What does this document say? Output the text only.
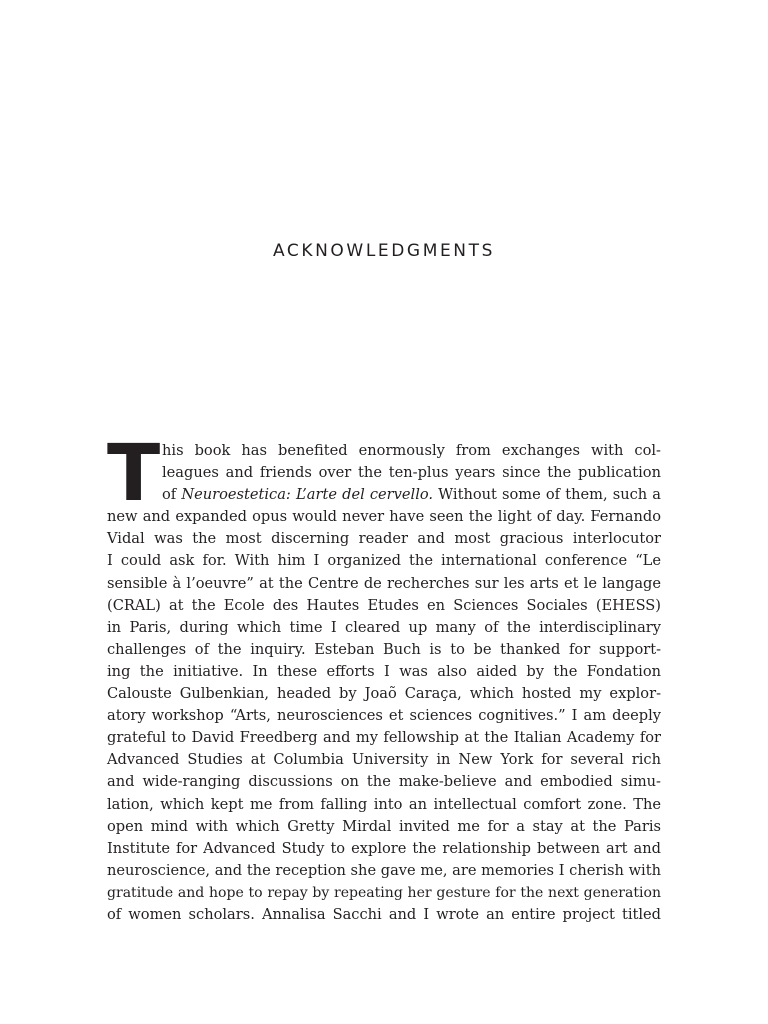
ACKNOWLEDGMENTS
T his book has benefited enormously from exchanges with col-
leagues and friends over the ten-plus years since the publication
of Neuroestetica: L’arte del cervello. Without some of them, such a
new and expanded opus would never have seen the light of day. Fernando
Vidal was the most discerning reader and most gracious interlocutor
I could ask for. With him I organized the international conference “Le
sensible à l’oeuvre” at the Centre de recherches sur les arts et le langage
(CRAL) at the Ecole des Hautes Etudes en Sciences Sociales (EHESS)
in Paris, during which time I cleared up many of the interdisciplinary
challenges of the inquiry. Esteban Buch is to be thanked for support-
ing the initiative. In these efforts I was also aided by the Fondation
Calouste Gulbenkian, headed by Joaõ Caraça, which hosted my explor-
atory workshop “Arts, neurosciences et sciences cognitives.” I am deeply
grateful to David Freedberg and my fellowship at the Italian Academy for
Advanced Studies at Columbia University in New York for several rich
and wide-ranging discussions on the make-believe and embodied simu-
lation, which kept me from falling into an intellectual comfort zone. The
open mind with which Gretty Mirdal invited me for a stay at the Paris
Institute for Advanced Study to explore the relationship between art and
neuroscience, and the reception she gave me, are memories I cherish with
gratitude and hope to repay by repeating her gesture for the next generation
of women scholars. Annalisa Sacchi and I wrote an entire project titled
